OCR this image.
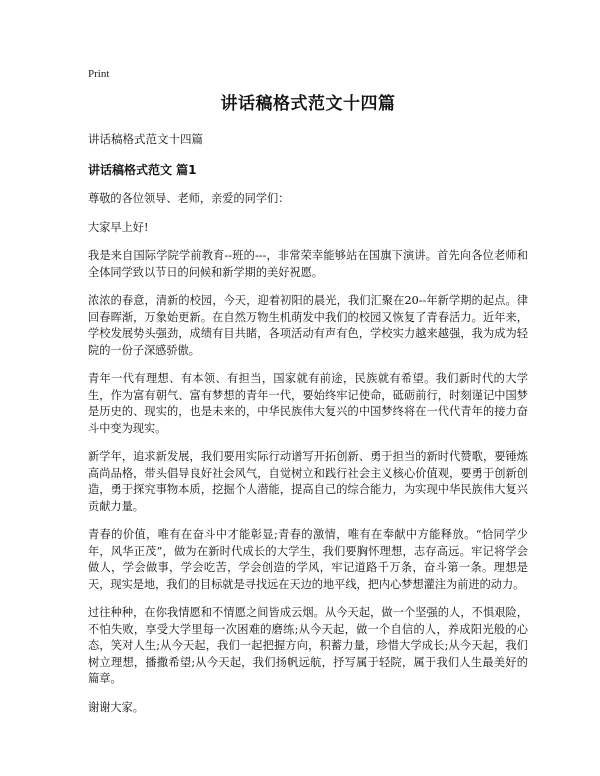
Print
讲话稿格式范文十四篇
讲话稿格式范文十四篇
讲话稿格式范文 篇1
尊敬的各位领导、老师，亲爱的同学们：
大家早上好!
我是来自国际学院学前教育--班的---，非常荣幸能够站在国旗下演讲。首先向各位老师和全体同学致以节日的问候和新学期的美好祝愿。
浓浓的春意，清新的校园，今天，迎着初阳的晨光，我们汇聚在20--年新学期的起点。律回春晖渐，万象始更新。在自然万物生机萌发中我们的校园又恢复了青春活力。近年来，学校发展势头强劲，成绩有目共睹，各项活动有声有色，学校实力越来越强，我为成为轻院的一份子深感骄傲。
青年一代有理想、有本领、有担当，国家就有前途，民族就有希望。我们新时代的大学生，作为富有朝气、富有梦想的青年一代，要始终牢记使命，砥砺前行，时刻谨记中国梦是历史的、现实的，也是未来的，中华民族伟大复兴的中国梦终将在一代代青年的接力奋斗中变为现实。
新学年，追求新发展，我们要用实际行动谱写开拓创新、勇于担当的新时代赞歌，要锤炼高尚品格，带头倡导良好社会风气，自觉树立和践行社会主义核心价值观，要勇于创新创造，勇于探究事物本质，挖掘个人潜能，提高自己的综合能力，为实现中华民族伟大复兴贡献力量。
青春的价值，唯有在奋斗中才能彰显;青春的激情，唯有在奉献中方能释放。“恰同学少年，风华正茂”，做为在新时代成长的大学生，我们要胸怀理想，志存高远。牢记将学会做人，学会做事，学会吃苦，学会创造的学风，牢记道路千万条，奋斗第一条。理想是天，现实是地，我们的目标就是寻找远在天边的地平线，把内心梦想灌注为前进的动力。
过往种种，在你我情愿和不情愿之间皆成云烟。从今天起，做一个坚强的人，不惧艰险，不怕失败，享受大学里每一次困难的磨练;从今天起，做一个自信的人，养成阳光般的心态，笑对人生;从今天起，我们一起把握方向，积蓄力量，珍惜大学成长;从今天起，我们树立理想，播撒希望;从今天起，我们扬帆远航，抒写属于轻院，属于我们人生最美好的篇章。
谢谢大家。
